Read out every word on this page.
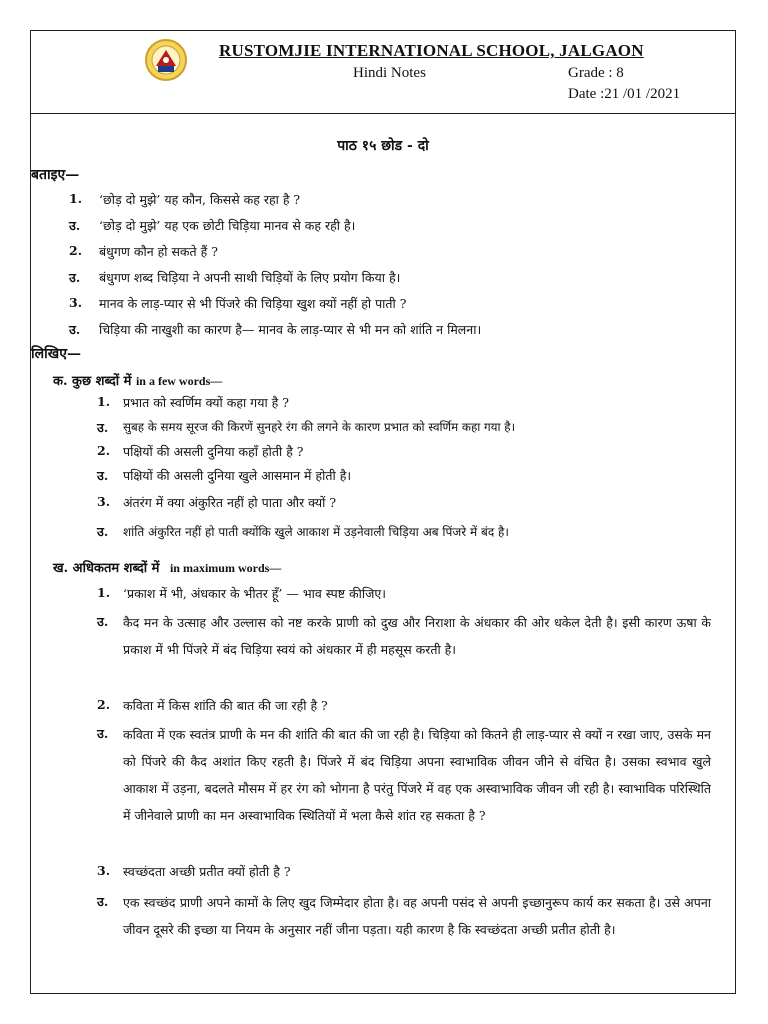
RUSTOMJIE INTERNATIONAL SCHOOL, JALGAON
Hindi Notes	Grade : 8
Date :21 /01 /2021
पाठ १५ छोड - दो
बताइए—
1. ‘छोड़ दो मुझे’ यह कौन, किससे कह रहा है ?
उ. ‘छोड़ दो मुझे’ यह एक छोटी चिड़िया मानव से कह रही है।
2. बंधुगण कौन हो सकते हैं ?
उ. बंधुगण शब्द चिड़िया ने अपनी साथी चिड़ियों के लिए प्रयोग किया है।
3. मानव के लाड़-प्यार से भी पिंजरे की चिड़िया खुश क्यों नहीं हो पाती ?
उ. चिड़िया की नाखुशी का कारण है— मानव के लाड़-प्यार से भी मन को शांति न मिलना।
लिखिए—
क. कुछ शब्दों में in a few words—
1. प्रभात को स्वर्णिम क्यों कहा गया है ?
उ. सुबह के समय सूरज की किरणें सुनहरे रंग की लगने के कारण प्रभात को स्वर्णिम कहा गया है।
2. पक्षियों की असली दुनिया कहाँ होती है ?
उ. पक्षियों की असली दुनिया खुले आसमान में होती है।
3. अंतरंग में क्या अंकुरित नहीं हो पाता और क्यों ?
उ. शांति अंकुरित नहीं हो पाती क्योंकि खुले आकाश में उड़नेवाली चिड़िया अब पिंजरे में बंद है।
ख. अधिकतम शब्दों में in maximum words—
1. ‘प्रकाश में भी, अंधकार के भीतर हूँ’ — भाव स्पष्ट कीजिए।
उ. कैद मन के उत्साह और उल्लास को नष्ट करके प्राणी को दुख और निराशा के अंधकार की ओर धकेल देती है। इसी कारण ऊषा के प्रकाश में भी पिंजरे में बंद चिड़िया स्वयं को अंधकार में ही महसूस करती है।
2. कविता में किस शांति की बात की जा रही है ?
उ. कविता में एक स्वतंत्र प्राणी के मन की शांति की बात की जा रही है। चिड़िया को कितने ही लाड़-प्यार से क्यों न रखा जाए, उसके मन को पिंजरे की कैद अशांत किए रहती है। पिंजरे में बंद चिड़िया अपना स्वाभाविक जीवन जीने से वंचित है। उसका स्वभाव खुले आकाश में उड़ना, बदलते मौसम में हर रंग को भोगना है परंतु पिंजरे में वह एक अस्वाभाविक जीवन जी रही है। स्वाभाविक परिस्थिति में जीनेवाले प्राणी का मन अस्वाभाविक स्थितियों में भला कैसे शांत रह सकता है ?
3. स्वच्छंदता अच्छी प्रतीत क्यों होती है ?
उ. एक स्वच्छंद प्राणी अपने कामों के लिए खुद जिम्मेदार होता है। वह अपनी पसंद से अपनी इच्छानुरूप कार्य कर सकता है। उसे अपना जीवन दूसरे की इच्छा या नियम के अनुसार नहीं जीना पड़ता। यही कारण है कि स्वच्छंदता अच्छी प्रतीत होती है।
